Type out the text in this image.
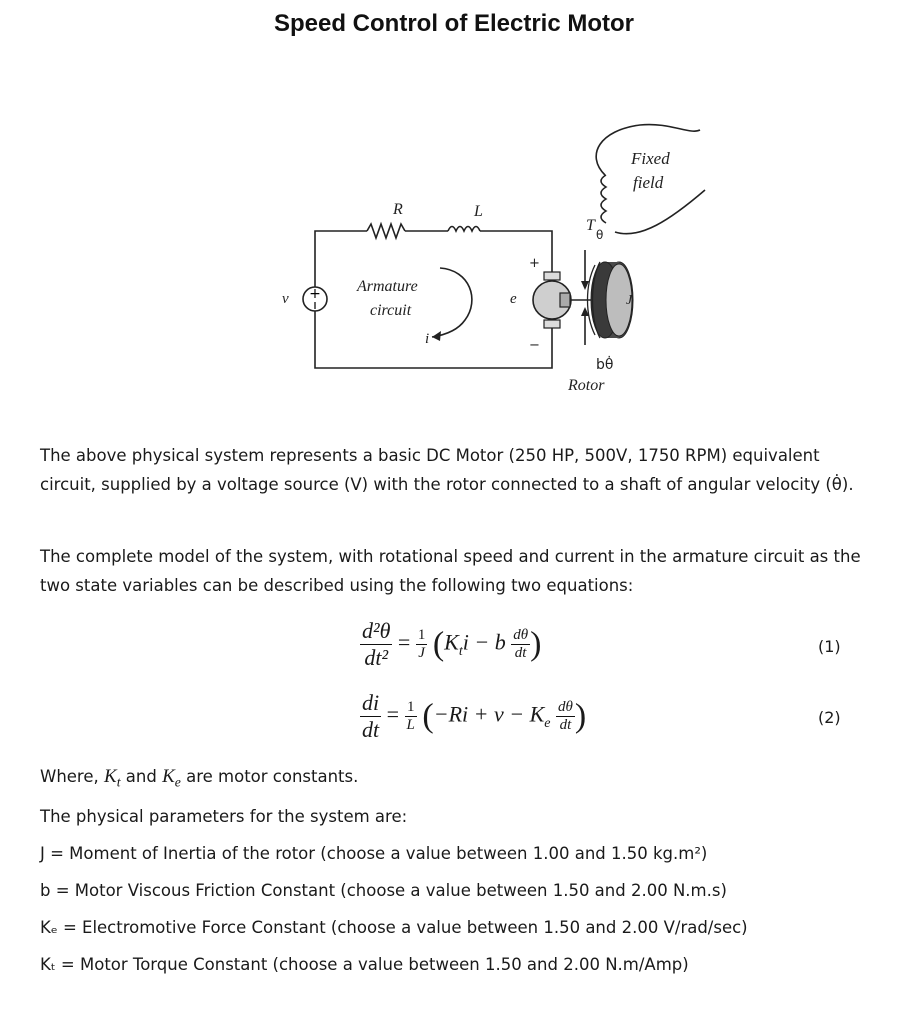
Speed Control of Electric Motor
+
R	L
v
Armature
circuit
i
e
T
J
Rotor
Fixed
field
+
−
θ
bθ̇
The above physical system represents a basic DC Motor (250 HP, 500V, 1750 RPM) equivalent circuit, supplied by a voltage source (V) with the rotor connected to a shaft of angular velocity (θ̇).
The complete model of the system, with rotational speed and current in the armature circuit as the two state variables can be described using the following two equations:
$\frac{\text{d²θ}}{\text{dt²}} = \frac{1}{J} (K_ti - b \frac{d\theta}{dt}$ )	(1)
$\frac{di}{dt} = \frac{1}{L} (-Ri + v - K_e \frac{d\theta}{dt}$ )	(2)
Where, $K_t$ and $K_e$ are motor constants.
The physical parameters for the system are:
J = Moment of Inertia of the rotor (choose a value between 1.00 and 1.50 kg.m²)
b = Motor Viscous Friction Constant (choose a value between 1.50 and 2.00 N.m.s)
Kₑ = Electromotive Force Constant (choose a value between 1.50 and 2.00 V/rad/sec)
Kₜ = Motor Torque Constant (choose a value between 1.50 and 2.00 N.m/Amp)
